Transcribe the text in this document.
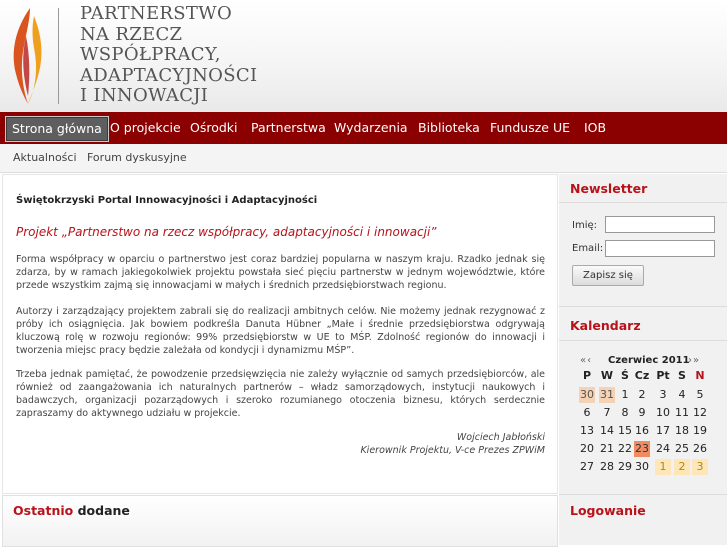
PARTNERSTWO
NA RZECZ
WSPÓŁPRACY,
ADAPTACYJNOŚCI
I INNOWACJI
Strona główna O projekcie Ośrodki Partnerstwa Wydarzenia Biblioteka Fundusze UE IOB
Aktualności Forum dyskusyjne
Świętokrzyski Portal Innowacyjności i Adaptacyjności
Projekt „Partnerstwo na rzecz współpracy, adaptacyjności i innowacji”
Forma współpracy w oparciu o partnerstwo jest coraz bardziej popularna w naszym kraju. Rzadko jednak się zdarza, by w ramach jakiegokolwiek projektu powstała sieć pięciu partnerstw w jednym województwie, które przede wszystkim zajmą się innowacjami w małych i średnich przedsiębiorstwach regionu.
Autorzy i zarządzający projektem zabrali się do realizacji ambitnych celów. Nie możemy jednak rezygnować z próby ich osiągnięcia. Jak bowiem podkreśla Danuta Hübner „Małe i średnie przedsiębiorstwa odgrywają kluczową rolę w rozwoju regionów: 99% przedsiębiorstw w UE to MŚP. Zdolność regionów do innowacji i tworzenia miejsc pracy będzie zależała od kondycji i dynamizmu MŚP”.
Trzeba jednak pamiętać, że powodzenie przedsięwzięcia nie zależy wyłącznie od samych przedsiębiorców, ale również od zaangażowania ich naturalnych partnerów – władz samorządowych, instytucji naukowych i badawczych, organizacji pozarządowych i szeroko rozumianego otoczenia biznesu, których serdecznie zapraszamy do aktywnego udziału w projekcie.
Wojciech Jabłoński
Kierownik Projektu, V-ce Prezes ZPWiM
Ostatnio dodane
Newsletter
Imię:
Email:
Zapisz się
Kalendarz
«‹ Czerwiec 2011
›»
P W Ś Cz Pt S N
30 31 1 2	3	4	5
6	7	8 9 10 11 12
13 14 15 16 17 18 19
20 21 22 23 24 25 26
27 28 29 30 1	2	3
Logowanie
